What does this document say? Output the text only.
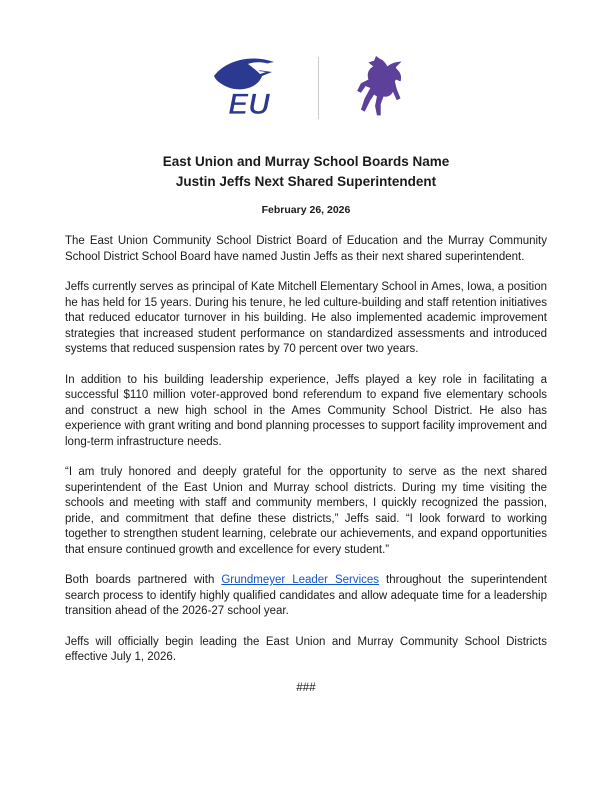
EU
East Union and Murray School Boards Name
Justin Jeffs Next Shared Superintendent
February 26, 2026

The East Union Community School District Board of Education and the Murray Community School District School Board have named Justin Jeffs as their next shared superintendent.

Jeffs currently serves as principal of Kate Mitchell Elementary School in Ames, Iowa, a position he has held for 15 years. During his tenure, he led culture-building and staff retention initiatives that reduced educator turnover in his building. He also implemented academic improvement strategies that increased student performance on standardized assessments and introduced systems that reduced suspension rates by 70 percent over two years.

In addition to his building leadership experience, Jeffs played a key role in facilitating a successful $110 million voter-approved bond referendum to expand five elementary schools and construct a new high school in the Ames Community School District. He also has experience with grant writing and bond planning processes to support facility improvement and long-term infrastructure needs.

“I am truly honored and deeply grateful for the opportunity to serve as the next shared superintendent of the East Union and Murray school districts. During my time visiting the schools and meeting with staff and community members, I quickly recognized the passion, pride, and commitment that define these districts,” Jeffs said. “I look forward to working together to strengthen student learning, celebrate our achievements, and expand opportunities that ensure continued growth and excellence for every student.”

Both boards partnered with Grundmeyer Leader Services throughout the superintendent search process to identify highly qualified candidates and allow adequate time for a leadership transition ahead of the 2026-27 school year.

Jeffs will officially begin leading the East Union and Murray Community School Districts effective July 1, 2026.

###
